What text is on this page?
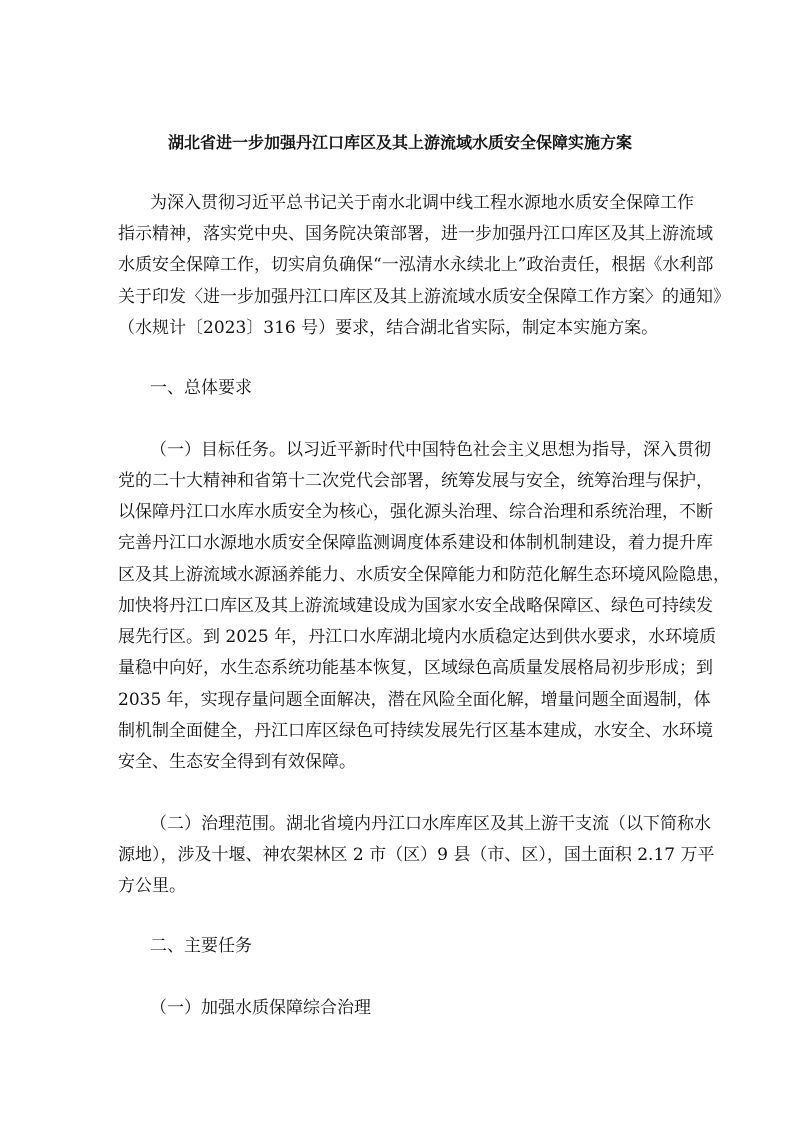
湖北省进一步加强丹江口库区及其上游流域水质安全保障实施方案
为深入贯彻习近平总书记关于南水北调中线工程水源地水质安全保障工作
指示精神，落实党中央、国务院决策部署，进一步加强丹江口库区及其上游流域
水质安全保障工作，切实肩负确保“一泓清水永续北上”政治责任，根据《水利部
关于印发〈进一步加强丹江口库区及其上游流域水质安全保障工作方案〉的通知》
（水规计〔2023〕316 号）要求，结合湖北省实际，制定本实施方案。
一、总体要求
（一）目标任务。以习近平新时代中国特色社会主义思想为指导，深入贯彻
党的二十大精神和省第十二次党代会部署，统筹发展与安全，统筹治理与保护，
以保障丹江口水库水质安全为核心，强化源头治理、综合治理和系统治理，不断
完善丹江口水源地水质安全保障监测调度体系建设和体制机制建设，着力提升库
区及其上游流域水源涵养能力、水质安全保障能力和防范化解生态环境风险隐患，
加快将丹江口库区及其上游流域建设成为国家水安全战略保障区、绿色可持续发
展先行区。到 2025 年，丹江口水库湖北境内水质稳定达到供水要求，水环境质
量稳中向好，水生态系统功能基本恢复，区域绿色高质量发展格局初步形成；到
2035 年，实现存量问题全面解决，潜在风险全面化解，增量问题全面遏制，体
制机制全面健全，丹江口库区绿色可持续发展先行区基本建成，水安全、水环境
安全、生态安全得到有效保障。
（二）治理范围。湖北省境内丹江口水库库区及其上游干支流（以下简称水
源地），涉及十堰、神农架林区 2 市（区）9 县（市、区），国土面积 2.17 万平
方公里。
二、主要任务
（一）加强水质保障综合治理
